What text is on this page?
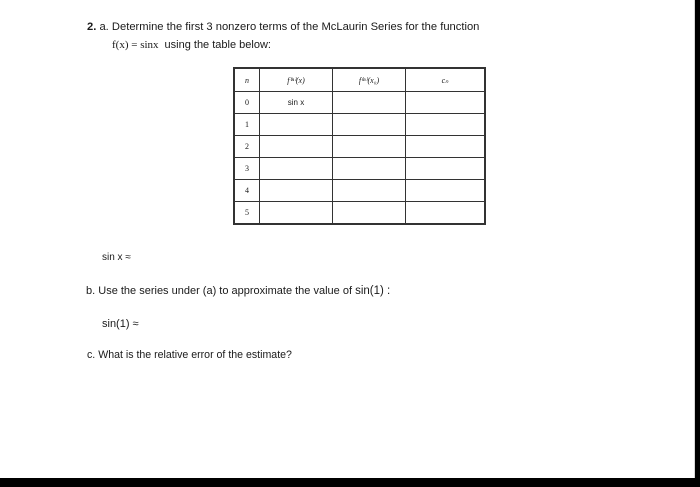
2. a. Determine the first 3 nonzero terms of the McLaurin Series for the function
f(x) = sinx using the table below:
n	f⁽ⁿ⁾(x)	f⁽ⁿ⁾(x₀)	cₙ
0	sin x		
1			
2			
3			
4			
5			
sin x ≈
b. Use the series under (a) to approximate the value of sin(1) :
sin(1) ≈
c. What is the relative error of the estimate?
